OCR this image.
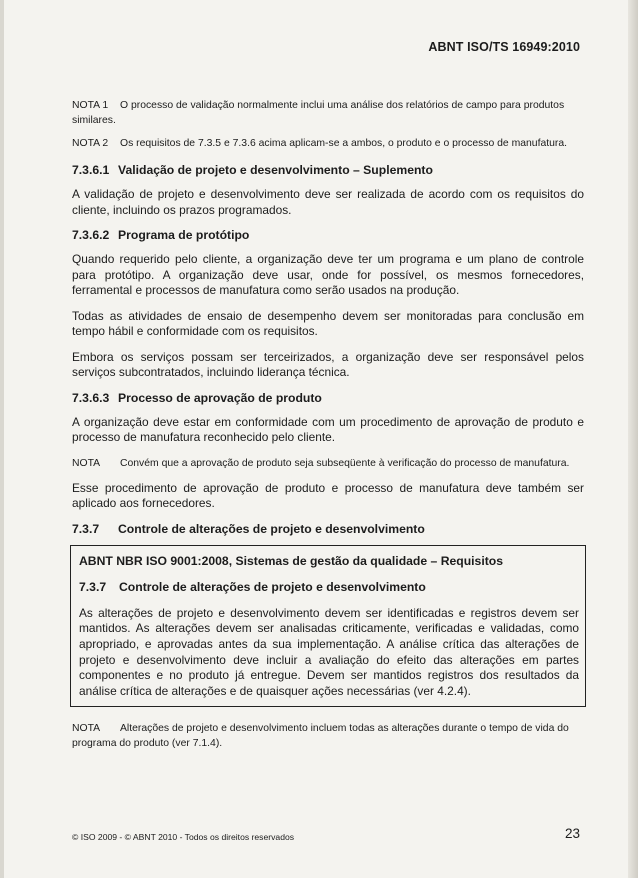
ABNT ISO/TS 16949:2010

NOTA 1 O processo de validação normalmente inclui uma análise dos relatórios de campo para produtos similares.

NOTA 2 Os requisitos de 7.3.5 e 7.3.6 acima aplicam-se a ambos, o produto e o processo de manufatura.

7.3.6.1 Validação de projeto e desenvolvimento – Suplemento

A validação de projeto e desenvolvimento deve ser realizada de acordo com os requisitos do cliente, incluindo os prazos programados.

7.3.6.2 Programa de protótipo

Quando requerido pelo cliente, a organização deve ter um programa e um plano de controle para protótipo. A organização deve usar, onde for possível, os mesmos fornecedores, ferramental e processos de manufatura como serão usados na produção.

Todas as atividades de ensaio de desempenho devem ser monitoradas para conclusão em tempo hábil e conformidade com os requisitos.

Embora os serviços possam ser terceirizados, a organização deve ser responsável pelos serviços subcontratados, incluindo liderança técnica.

7.3.6.3 Processo de aprovação de produto

A organização deve estar em conformidade com um procedimento de aprovação de produto e processo de manufatura reconhecido pelo cliente.

NOTA Convém que a aprovação de produto seja subseqüente à verificação do processo de manufatura.

Esse procedimento de aprovação de produto e processo de manufatura deve também ser aplicado aos fornecedores.

7.3.7 Controle de alterações de projeto e desenvolvimento
ABNT NBR ISO 9001:2008, Sistemas de gestão da qualidade – Requisitos
7.3.7 Controle de alterações de projeto e desenvolvimento

As alterações de projeto e desenvolvimento devem ser identificadas e registros devem ser mantidos. As alterações devem ser analisadas criticamente, verificadas e validadas, como apropriado, e aprovadas antes da sua implementação. A análise crítica das alterações de projeto e desenvolvimento deve incluir a avaliação do efeito das alterações em partes componentes e no produto já entregue. Devem ser mantidos registros dos resultados da análise crítica de alterações e de quaisquer ações necessárias (ver 4.2.4).

NOTA Alterações de projeto e desenvolvimento incluem todas as alterações durante o tempo de vida do programa do produto (ver 7.1.4).

© ISO 2009 - © ABNT 2010 - Todos os direitos reservados	23
